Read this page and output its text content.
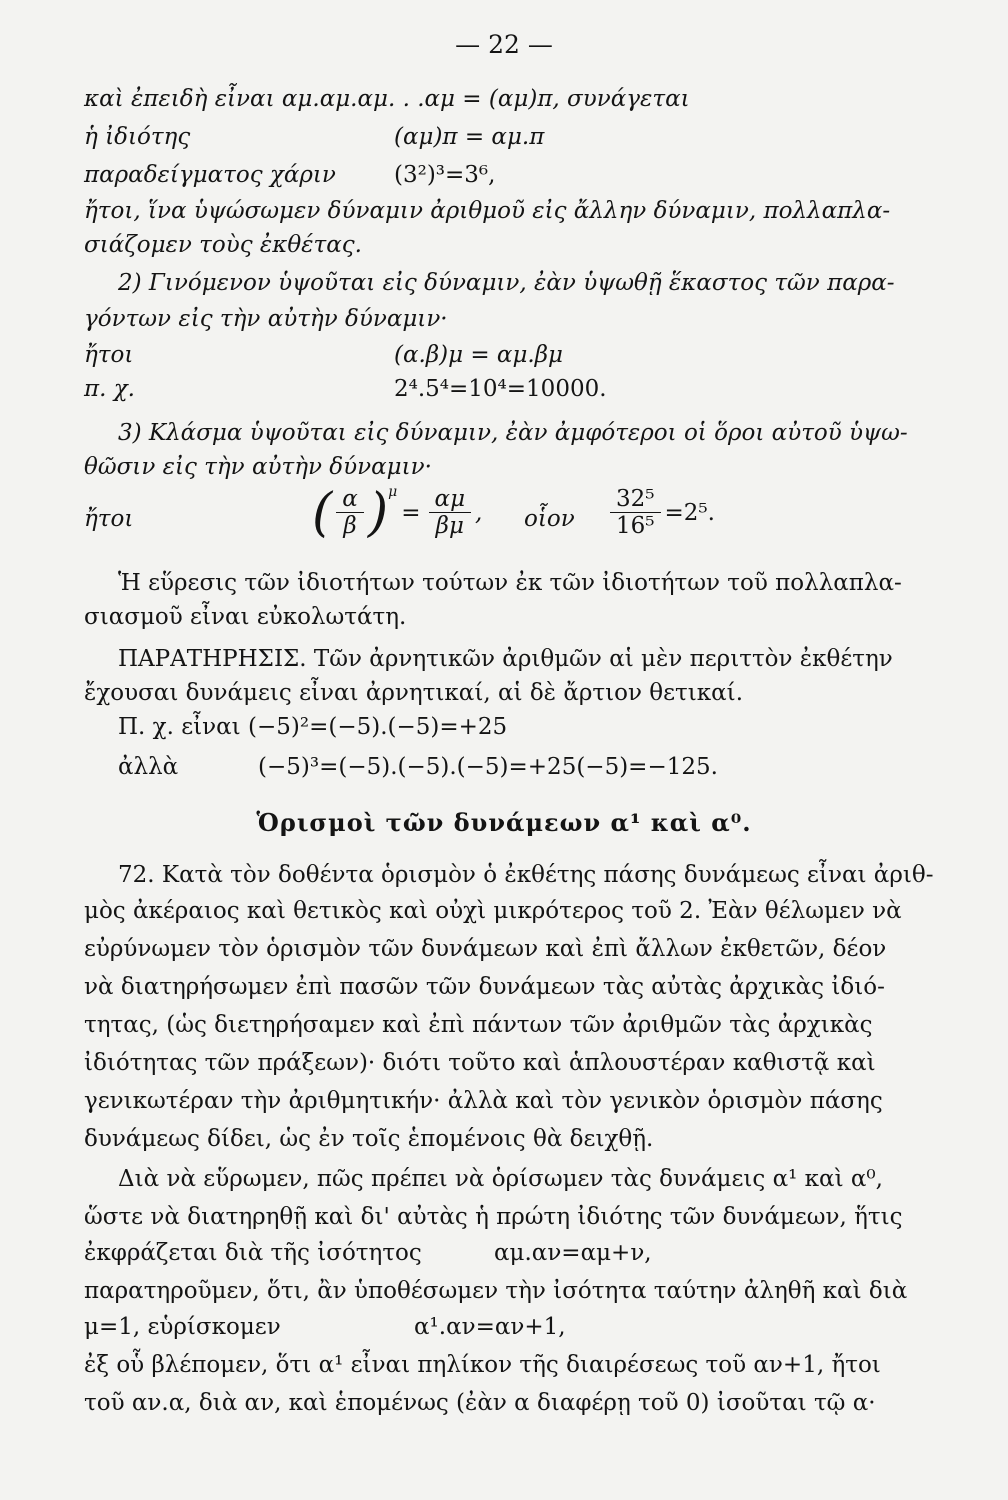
— 22 —
καὶ ἐπειδὴ εἶναι αμ.αμ.αμ. . .αμ = (αμ)π, συνάγεται
ἡ ἰδιότης	(αμ)π = αμ.π
παραδείγματος χάριν	(3²)³=3⁶,
ἤτοι, ἵνα ὑψώσωμεν δύναμιν ἀριθμοῦ εἰς ἄλλην δύναμιν, πολλαπλα-
σιάζομεν τοὺς ἐκθέτας.
2) Γινόμενον ὑψοῦται εἰς δύναμιν, ἐὰν ὑψωθῇ ἕκαστος τῶν παρα-
γόντων εἰς τὴν αὐτὴν δύναμιν·
ἤτοι	(α.β)μ = αμ.βμ
π. χ.	2⁴.5⁴=10⁴=10000.
3) Κλάσμα ὑψοῦται εἰς δύναμιν, ἐὰν ἀμφότεροι οἱ ὅροι αὐτοῦ ὑψω-
θῶσιν εἰς τὴν αὐτὴν δύναμιν·
ἤτοι	( $\frac{\alpha}{\beta}$ ) μ
= $\frac{\alpha\mu}{\beta\mu}$ , οἷον $\frac{\text{32⁵}}{\text{16⁵}} =2^5$.
Ἡ εὕρεσις τῶν ἰδιοτήτων τούτων ἐκ τῶν ἰδιοτήτων τοῦ πολλαπλα-
σιασμοῦ εἶναι εὐκολωτάτη.
ΠΑΡΑΤΗΡΗΣΙΣ. Τῶν ἀρνητικῶν ἀριθμῶν αἱ μὲν περιττὸν ἐκθέτην
ἔχουσαι δυνάμεις εἶναι ἀρνητικαί, αἱ δὲ ἄρτιον θετικαί.
Π. χ. εἶναι (−5)²=(−5).(−5)=+25
ἀλλὰ	(−5)³=(−5).(−5).(−5)=+25(−5)=−125.
Ὁρισμοὶ τῶν δυνάμεων α¹ καὶ α⁰.
72. Κατὰ τὸν δοθέντα ὁρισμὸν ὁ ἐκθέτης πάσης δυνάμεως εἶναι ἀριθ-
μὸς ἀκέραιος καὶ θετικὸς καὶ οὐχὶ μικρότερος τοῦ 2. Ἐὰν θέλωμεν νὰ
εὐρύνωμεν τὸν ὁρισμὸν τῶν δυνάμεων καὶ ἐπὶ ἄλλων ἐκθετῶν, δέον
νὰ διατηρήσωμεν ἐπὶ πασῶν τῶν δυνάμεων τὰς αὐτὰς ἀρχικὰς ἰδιό-
τητας, (ὡς διετηρήσαμεν καὶ ἐπὶ πάντων τῶν ἀριθμῶν τὰς ἀρχικὰς
ἰδιότητας τῶν πράξεων)· διότι τοῦτο καὶ ἁπλουστέραν καθιστᾷ καὶ
γενικωτέραν τὴν ἀριθμητικήν· ἀλλὰ καὶ τὸν γενικὸν ὁρισμὸν πάσης
δυνάμεως δίδει, ὡς ἐν τοῖς ἑπομένοις θὰ δειχθῇ.
Διὰ νὰ εὕρωμεν, πῶς πρέπει νὰ ὁρίσωμεν τὰς δυνάμεις α¹ καὶ α⁰,
ὥστε νὰ διατηρηθῇ καὶ δι' αὐτὰς ἡ πρώτη ἰδιότης τῶν δυνάμεων, ἥτις
ἐκφράζεται διὰ τῆς ἰσότητος	αμ.αν=αμ+ν,
παρατηροῦμεν, ὅτι, ἂν ὑποθέσωμεν τὴν ἰσότητα ταύτην ἀληθῆ καὶ διὰ
μ=1, εὑρίσκομεν	α¹.αν=αν+1,
ἐξ οὗ βλέπομεν, ὅτι α¹ εἶναι πηλίκον τῆς διαιρέσεως τοῦ αν+1, ἤτοι
τοῦ αν.α, διὰ αν, καὶ ἑπομένως (ἐὰν α διαφέρῃ τοῦ 0) ἰσοῦται τῷ α·
